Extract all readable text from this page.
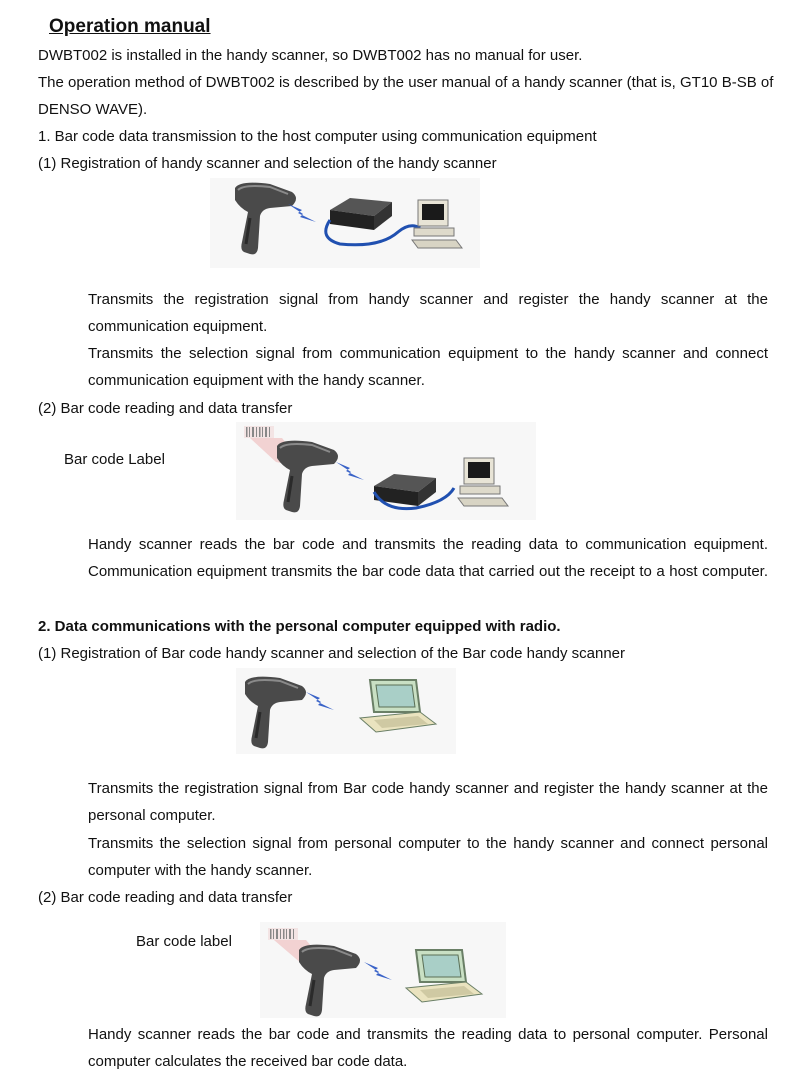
Operation manual
DWBT002 is installed in the handy scanner, so DWBT002 has no manual for user.
The operation method of DWBT002 is described by the user manual of a handy scanner (that is, GT10 B-SB of
DENSO WAVE).
1. Bar code data transmission to the host computer using communication equipment
(1) Registration of handy scanner and selection of the handy scanner
Transmits the registration signal from handy scanner and register the handy scanner at the
communication equipment.
Transmits the selection signal from communication equipment to the handy scanner and connect
communication equipment with the handy scanner.
(2) Bar code reading and data transfer
Bar code Label
Handy scanner reads the bar code and transmits the reading data to communication equipment.
Communication equipment transmits the bar code data that carried out the receipt to a host computer.
2. Data communications with the personal computer equipped with radio.
(1) Registration of Bar code handy scanner and selection of the Bar code handy scanner
Transmits the registration signal from Bar code handy scanner and register the handy scanner at the
personal computer.
Transmits the selection signal from personal computer to the handy scanner and connect personal
computer with the handy scanner.
(2) Bar code reading and data transfer
Bar code label
Handy scanner reads the bar code and transmits the reading data to personal computer. Personal
computer calculates the received bar code data.
